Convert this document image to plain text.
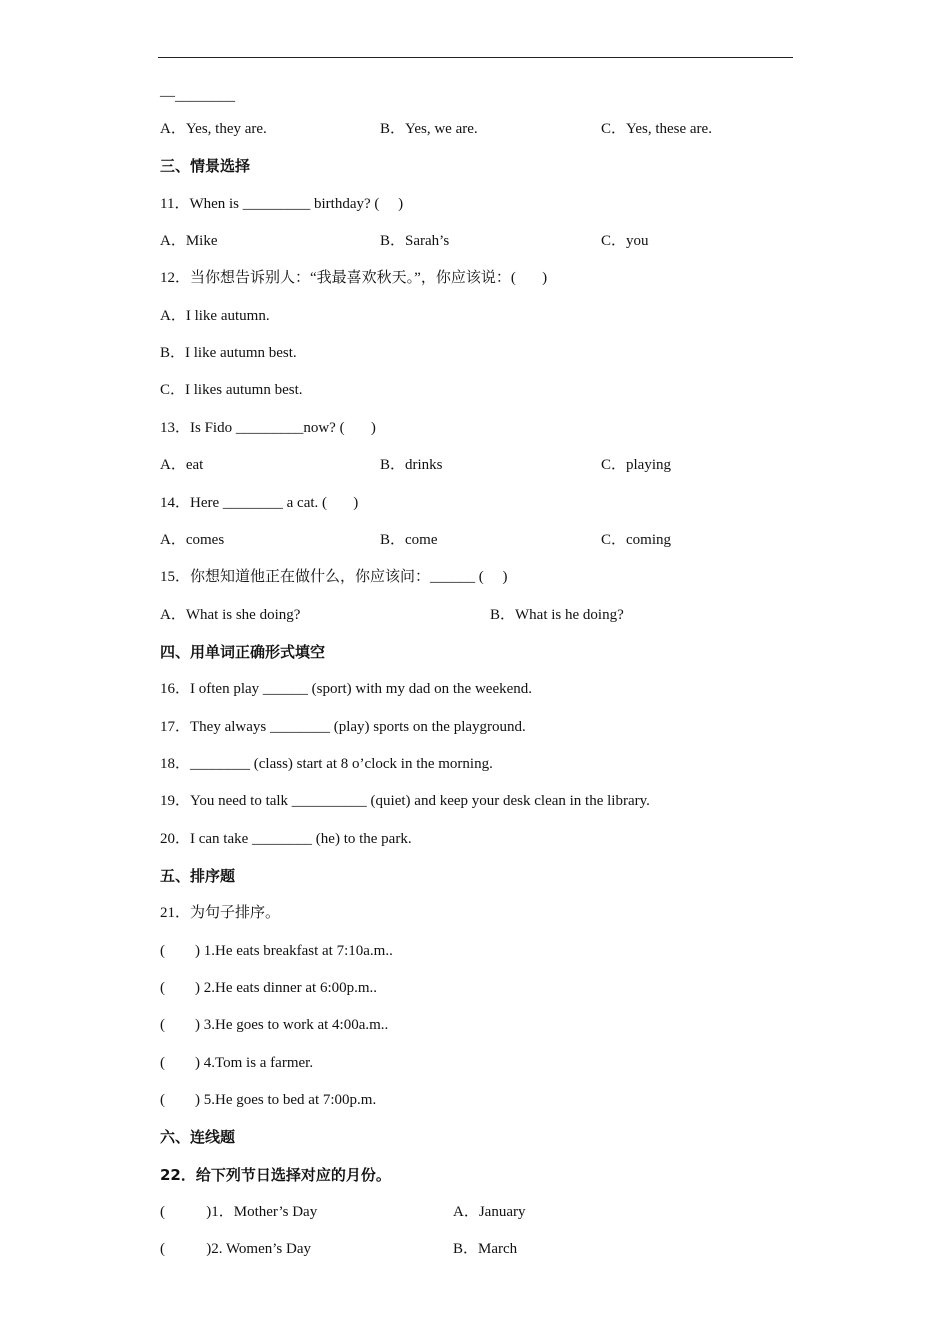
—________
A．Yes, they are.	B．Yes, we are.	C．Yes, these are.
三、情景选择
11．When is _________ birthday? (     )
A．Mike	B．Sarah’s	C．you
12．当你想告诉别人：“我最喜欢秋天。”，你应该说：(       )
A．I like autumn.
B．I like autumn best.
C．I likes autumn best.
13．Is Fido _________now? (       )
A．eat	B．drinks	C．playing
14．Here ________ a cat. (       )
A．comes	B．come	C．coming
15．你想知道他正在做什么，你应该问：______ (     )
A．What is she doing?	B．What is he doing?
四、用单词正确形式填空
16．I often play ______ (sport) with my dad on the weekend.
17．They always ________ (play) sports on the playground.
18．________ (class) start at 8 o’clock in the morning.
19．You need to talk __________ (quiet) and keep your desk clean in the library.
20．I can take ________ (he) to the park.
五、排序题
21．为句子排序。
(        ) 1.He eats breakfast at 7:10a.m..
(        ) 2.He eats dinner at 6:00p.m..
(        ) 3.He goes to work at 4:00a.m..
(        ) 4.Tom is a farmer.
(        ) 5.He goes to bed at 7:00p.m.
六、连线题
22．给下列节日选择对应的月份。
(           )1．Mother’s Day	A．January
(           )2. Women’s Day	B．March
